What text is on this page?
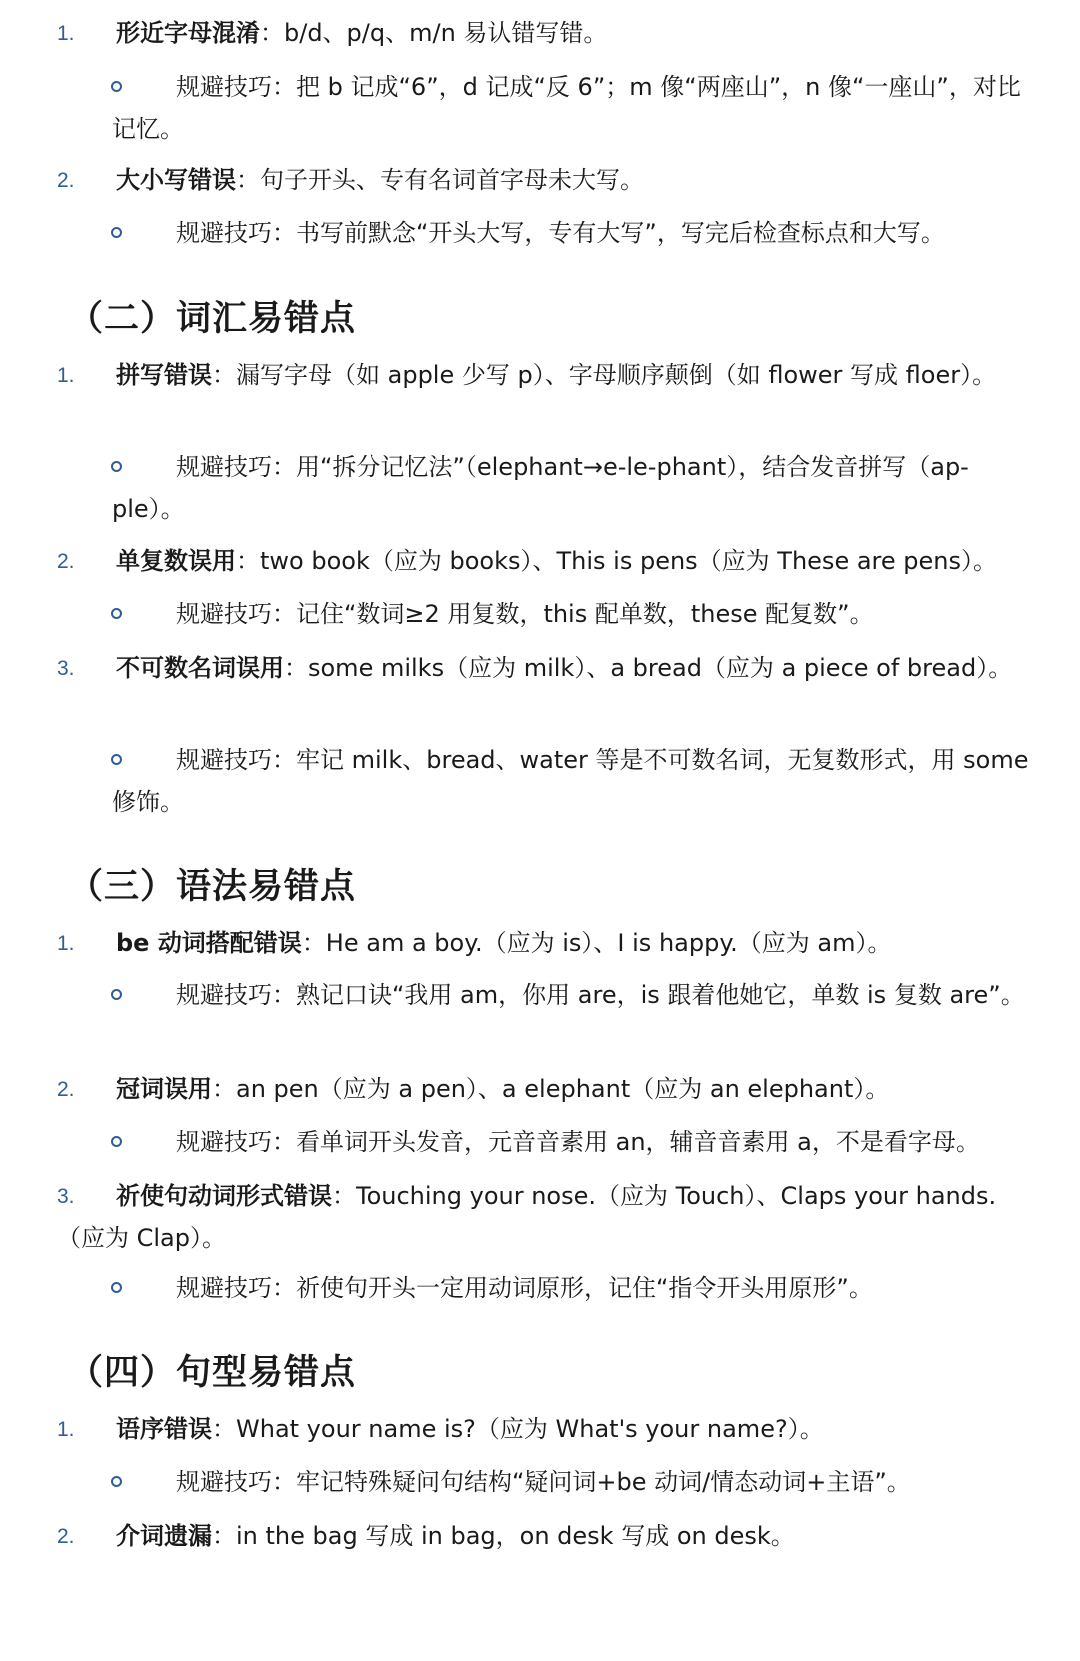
1. 形近字母混淆：b/d、p/q、m/n 易认错写错。
规避技巧：把 b 记成“6”，d 记成“反 6”；m 像“两座山”，n 像“一座山”，对比记忆。
2. 大小写错误：句子开头、专有名词首字母未大写。
规避技巧：书写前默念“开头大写，专有大写”，写完后检查标点和大写。
（二）词汇易错点
1.	拼写错误：漏写字母（如 apple 少写 p）、字母顺序颠倒（如 flower 写成 floer）。
规避技巧：用“拆分记忆法”（elephant→e-le-phant），结合发音拼写（ap-ple）。
2. 单复数误用：two book（应为 books）、This is pens（应为 These are pens）。
规避技巧：记住“数词≥2 用复数，this 配单数，these 配复数”。
3.	不可数名词误用：some milks（应为 milk）、a bread（应为 a piece of bread）。
规避技巧：牢记 milk、bread、water 等是不可数名词，无复数形式，用 some 修饰。
（三）语法易错点
1. be 动词搭配错误：He am a boy.（应为 is）、I is happy.（应为 am）。
规避技巧：熟记口诀“我用 am，你用 are，is 跟着他她它，单数 is 复数 are”。
2. 冠词误用：an pen（应为 a pen）、a elephant（应为 an elephant）。
规避技巧：看单词开头发音，元音音素用 an，辅音音素用 a，不是看字母。
3.	祈使句动词形式错误：Touching your nose.（应为 Touch）、Claps your hands.（应为 Clap）。
规避技巧：祈使句开头一定用动词原形，记住“指令开头用原形”。
（四）句型易错点
1. 语序错误：What your name is?（应为 What's your name?）。
规避技巧：牢记特殊疑问句结构“疑问词+be 动词/情态动词+主语”。
2. 介词遗漏：in the bag 写成 in bag，on desk 写成 on desk。
